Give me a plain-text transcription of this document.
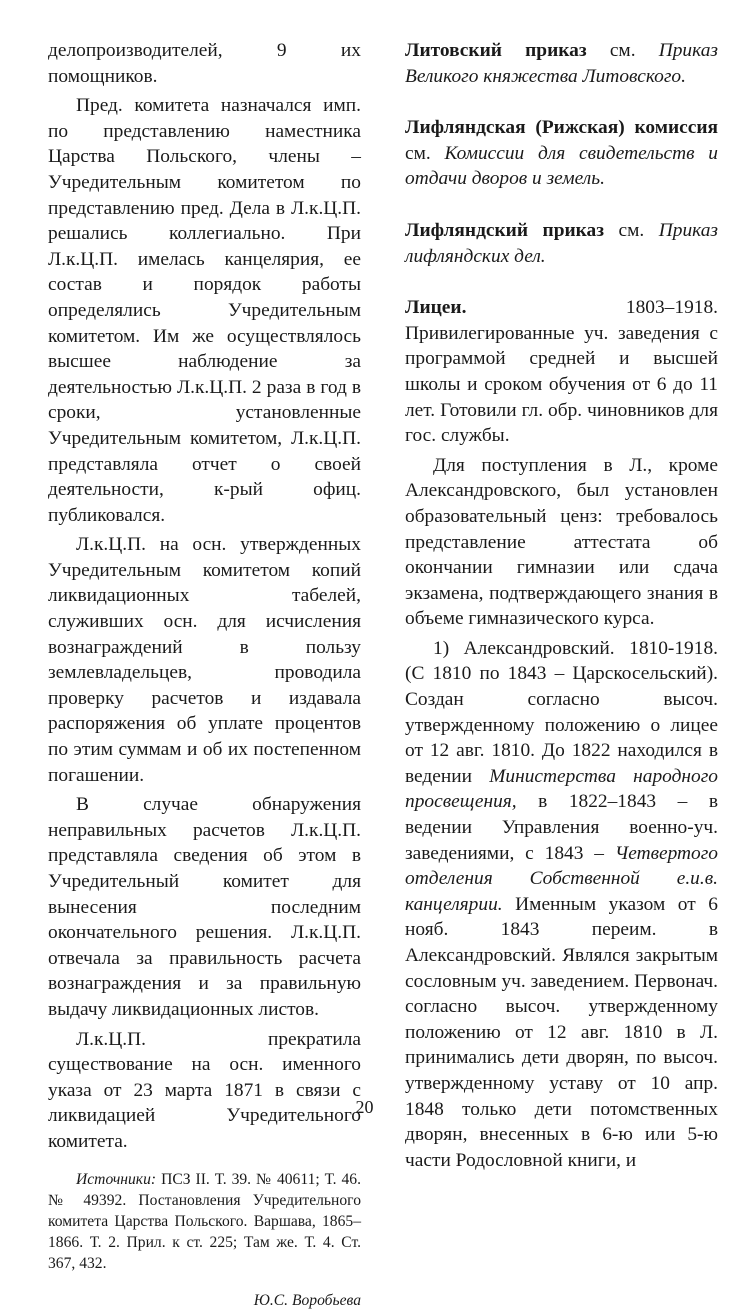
делопроизводителей, 9 их помощников.

Пред. комитета назначался имп. по представлению наместника Царства Польского, члены – Учредительным комитетом по представлению пред. Дела в Л.к.Ц.П. решались коллегиально. При Л.к.Ц.П. имелась канцелярия, ее состав и порядок работы определялись Учредительным комитетом. Им же осуществлялось высшее наблюдение за деятельностью Л.к.Ц.П. 2 раза в год в сроки, установленные Учредительным комитетом, Л.к.Ц.П. представляла отчет о своей деятельности, к-рый офиц. публиковался.

Л.к.Ц.П. на осн. утвержденных Учредительным комитетом копий ликвидационных табелей, служивших осн. для исчисления вознаграждений в пользу землевладельцев, проводила проверку расчетов и издавала распоряжения об уплате процентов по этим суммам и об их постепенном погашении.

В случае обнаружения неправильных расчетов Л.к.Ц.П. представляла сведения об этом в Учредительный комитет для вынесения последним окончательного решения. Л.к.Ц.П. отвечала за правильность расчета вознаграждения и за правильную выдачу ликвидационных листов.

Л.к.Ц.П. прекратила существование на осн. именного указа от 23 марта 1871 в связи с ликвидацией Учредительного комитета.

Источники: ПСЗ II. Т. 39. № 40611; Т. 46. № 49392. Постановления Учредительного комитета Царства Польского. Варшава, 1865–1866. Т. 2. Прил. к ст. 225; Там же. Т. 4. Ст. 367, 432.

Ю.С. Воробьева

Литовский приказ см. Приказ Великого княжества Литовского.
Лифляндская (Рижская) комиссия см. Комиссии для свидетельств и отдачи дворов и земель.
Лифляндский приказ см. Приказ лифляндских дел.
Лицеи.	1803–1918. Привилегированные уч. заведения с программой средней и высшей школы и сроком обучения от 6 до 11 лет. Готовили гл. обр. чиновников для гос. службы.

Для поступления в Л., кроме Александровского, был установлен образовательный ценз: требовалось представление аттестата об окончании гимназии или сдача экзамена, подтверждающего знания в объеме гимназического курса.

1) Александровский. 1810-1918. (С 1810 по 1843 – Царскосельский). Создан согласно высоч. утвержденному положению о лицее от 12 авг. 1810. До 1822 находился в ведении Министерства народного просвещения, в 1822–1843 – в ведении Управления военно-уч. заведениями, с 1843 – Четвертого отделения Собственной е.и.в. канцелярии. Именным указом от 6 нояб. 1843 переим. в Александровский. Являлся закрытым сословным уч. заведением. Первонач. согласно высоч. утвержденному положению от 12 авг. 1810 в Л. принимались дети дворян, по высоч. утвержденному уставу от 10 апр. 1848 только дети потомственных дворян, внесенных в 6-ю или 5-ю части Родословной книги, и

20
